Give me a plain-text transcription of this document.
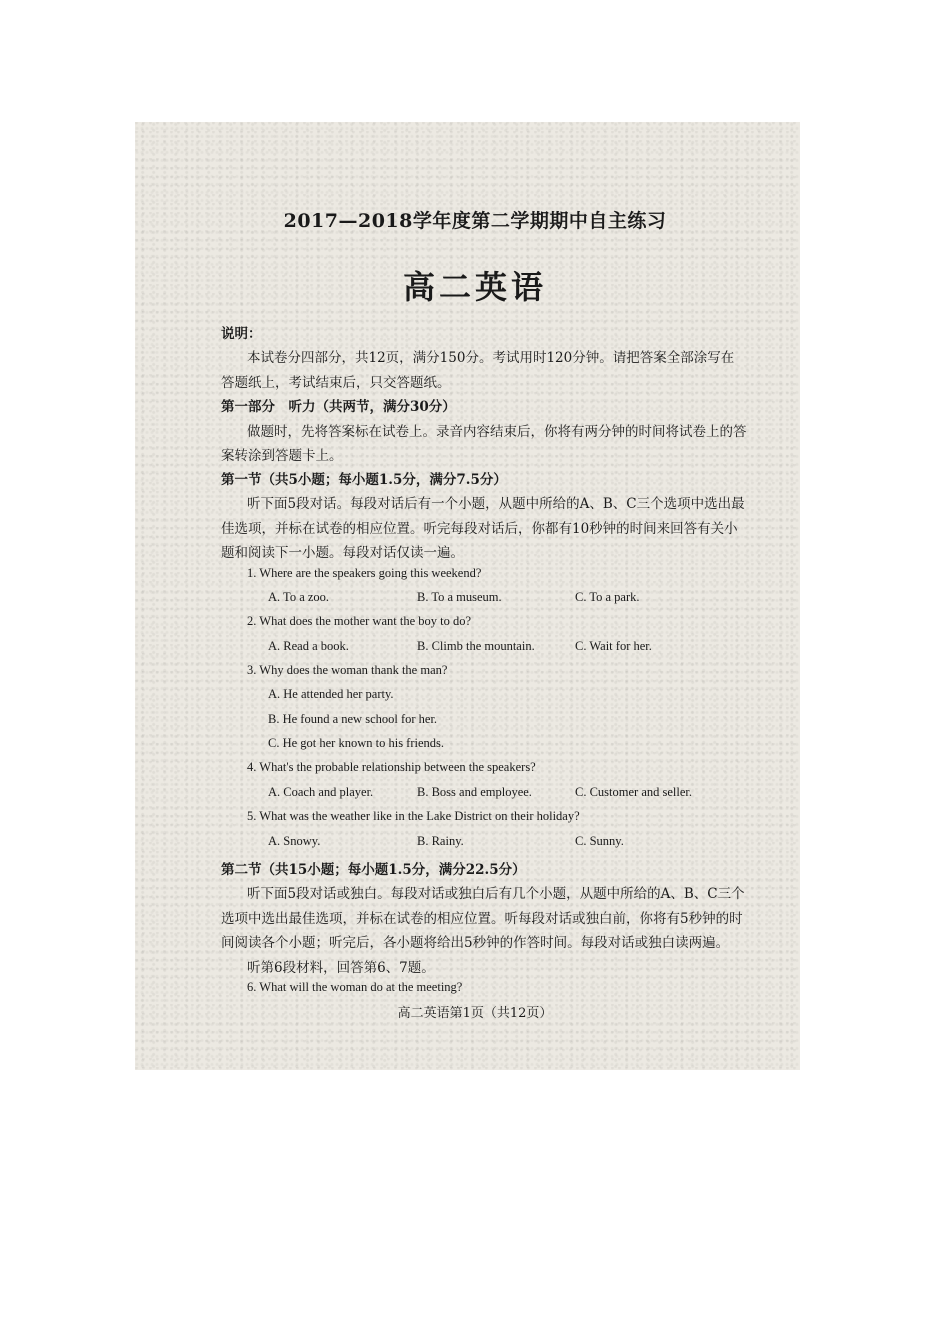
2017—2018学年度第二学期期中自主练习
高二英语
说明：
本试卷分四部分，共12页，满分150分。考试用时120分钟。请把答案全部涂写在
答题纸上，考试结束后，只交答题纸。
第一部分　听力（共两节，满分30分）
做题时，先将答案标在试卷上。录音内容结束后，你将有两分钟的时间将试卷上的答
案转涂到答题卡上。
第一节（共5小题；每小题1.5分，满分7.5分）
听下面5段对话。每段对话后有一个小题，从题中所给的A、B、C三个选项中选出最
佳选项，并标在试卷的相应位置。听完每段对话后，你都有10秒钟的时间来回答有关小
题和阅读下一小题。每段对话仅读一遍。
1. Where are the speakers going this weekend?
A. To a zoo.	B. To a museum.	C. To a park.
2. What does the mother want the boy to do?
A. Read a book.	B. Climb the mountain.	C. Wait for her.
3. Why does the woman thank the man?
A. He attended her party.
B. He found a new school for her.
C. He got her known to his friends.
4. What's the probable relationship between the speakers?
A. Coach and player.	B. Boss and employee.	C. Customer and seller.
5. What was the weather like in the Lake District on their holiday?
A. Snowy.	B. Rainy.	C. Sunny.
第二节（共15小题；每小题1.5分，满分22.5分）
听下面5段对话或独白。每段对话或独白后有几个小题，从题中所给的A、B、C三个
选项中选出最佳选项，并标在试卷的相应位置。听每段对话或独白前，你将有5秒钟的时
间阅读各个小题；听完后，各小题将给出5秒钟的作答时间。每段对话或独白读两遍。
听第6段材料，回答第6、7题。
6. What will the woman do at the meeting?
高二英语第1页（共12页）
